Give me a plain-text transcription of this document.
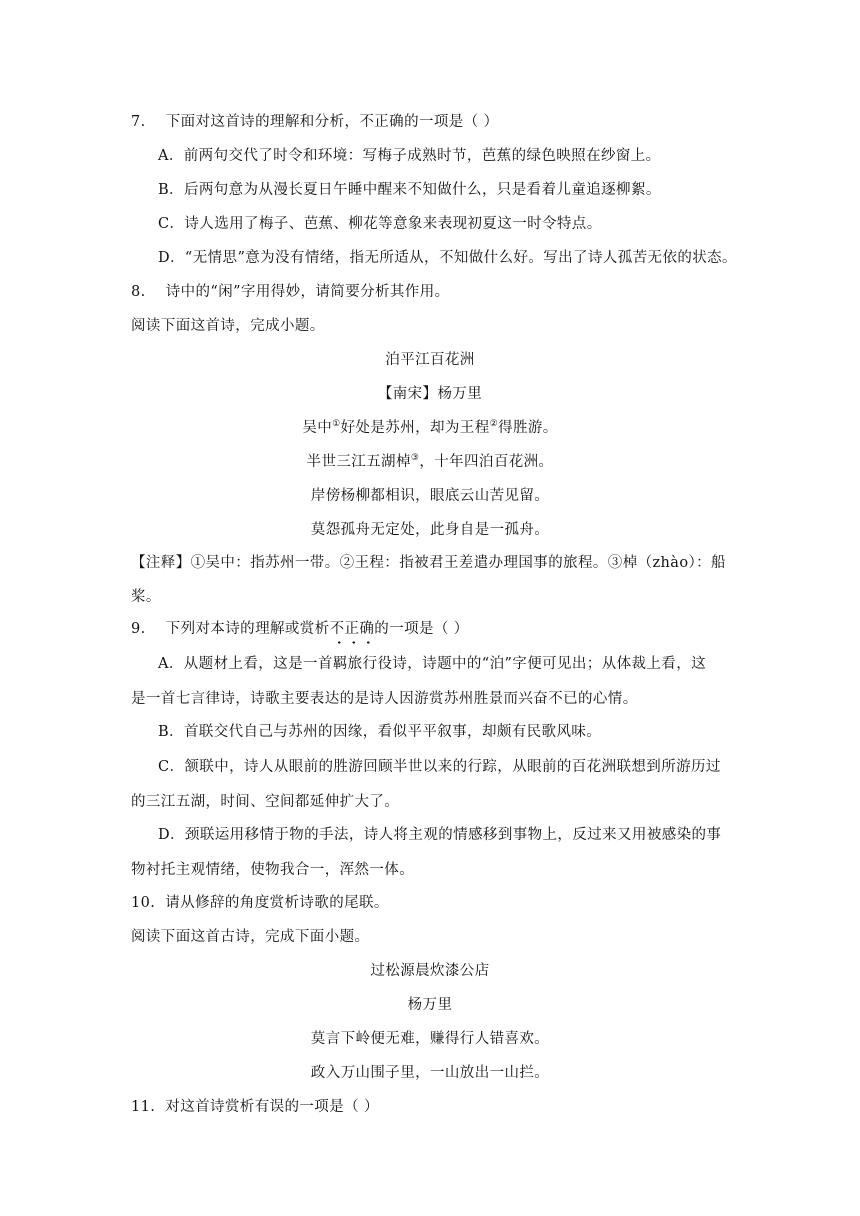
7. 下面对这首诗的理解和分析，不正确的一项是（ ）
A．前两句交代了时令和环境：写梅子成熟时节，芭蕉的绿色映照在纱窗上。
B．后两句意为从漫长夏日午睡中醒来不知做什么，只是看着儿童追逐柳絮。
C．诗人选用了梅子、芭蕉、柳花等意象来表现初夏这一时令特点。
D．“无情思”意为没有情绪，指无所适从，不知做什么好。写出了诗人孤苦无依的状态。
8. 诗中的“闲”字用得妙，请简要分析其作用。
阅读下面这首诗，完成小题。
泊平江百花洲
【南宋】杨万里
吴中①好处是苏州，却为王程②得胜游。
半世三江五湖棹③，十年四泊百花洲。
岸傍杨柳都相识，眼底云山苦见留。
莫怨孤舟无定处，此身自是一孤舟。
【注释】①吴中：指苏州一带。②王程：指被君王差遣办理国事的旅程。③棹（zhào）：船
桨。
9. 下列对本诗的理解或赏析不正确的一项是（ ）
A．从题材上看，这是一首羁旅行役诗，诗题中的“泊”字便可见出；从体裁上看，这
是一首七言律诗，诗歌主要表达的是诗人因游赏苏州胜景而兴奋不已的心情。
B．首联交代自己与苏州的因缘，看似平平叙事，却颇有民歌风味。
C．颔联中，诗人从眼前的胜游回顾半世以来的行踪，从眼前的百花洲联想到所游历过
的三江五湖，时间、空间都延伸扩大了。
D．颈联运用移情于物的手法，诗人将主观的情感移到事物上，反过来又用被感染的事
物衬托主观情绪，使物我合一，浑然一体。
10. 请从修辞的角度赏析诗歌的尾联。
阅读下面这首古诗，完成下面小题。
过松源晨炊漆公店
杨万里
莫言下岭便无难，赚得行人错喜欢。
政入万山围子里，一山放出一山拦。
11. 对这首诗赏析有误的一项是（ ）
